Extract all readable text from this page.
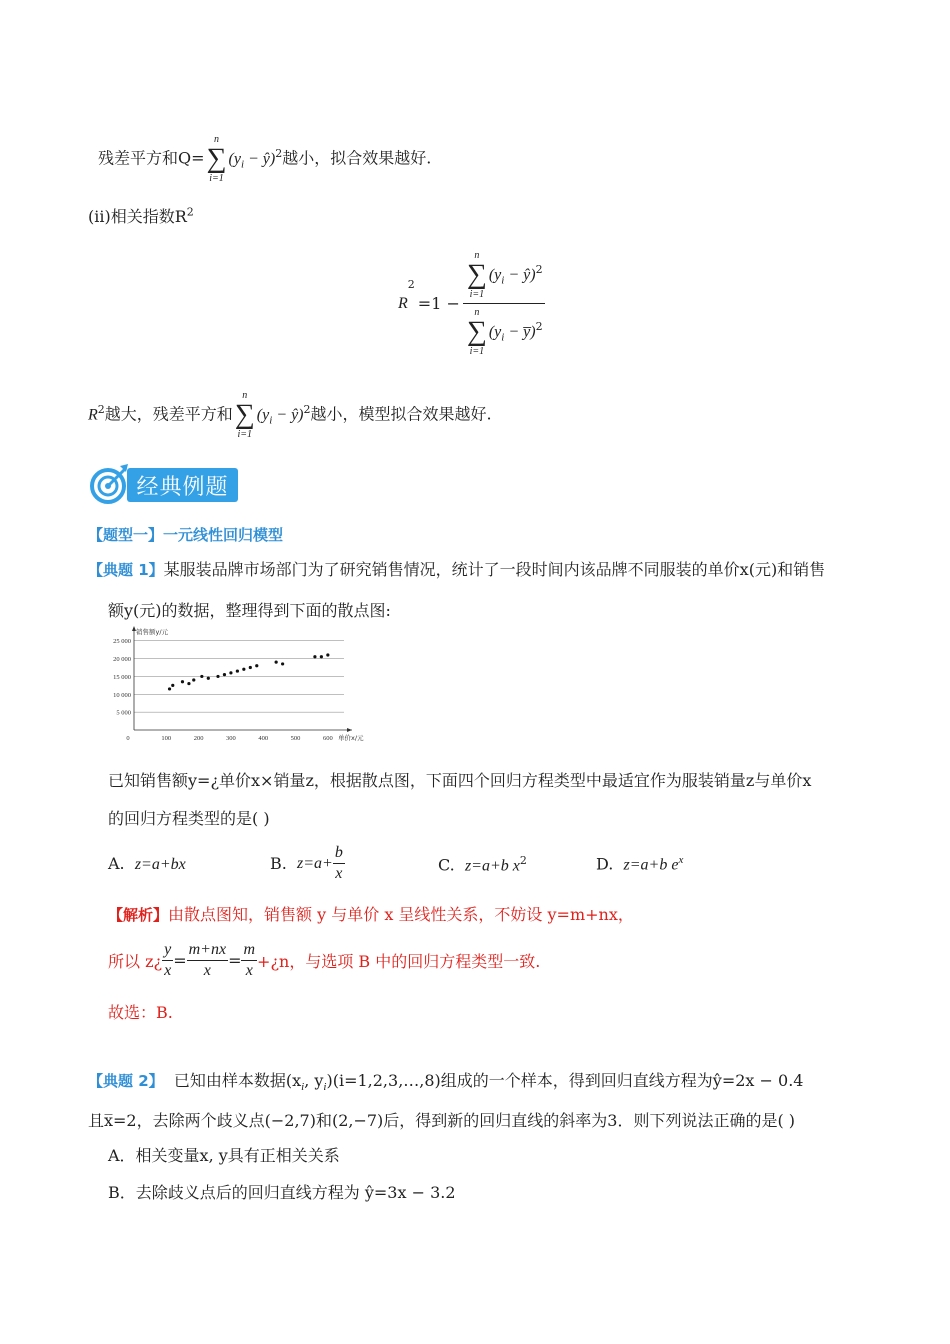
残差平方和Q=
n
∑
i=1
($y_i$ − ŷ)$^2$越小，拟合效果越好.
(ii)相关指数$R^2$
R
2
=1 − n
∑
i=1
($y_i$ − ŷ)$^2$
n
∑
i=1
($y_i$ − y̅)$^2$
$R^2$越大，残差平方和
n
∑
i=1
($y_i$ − ŷ)$^2$越小，模型拟合效果越好.
经典例题
【题型一】一元线性回归模型
【典题 1】某服装品牌市场部门为了研究销售情况，统计了一段时间内该品牌不同服装的单价x(元)和销售
额y(元)的数据，整理得到下面的散点图:
5 000
10 000
15 000
20 000
25 000
0	100	200	300	400	500	600
销售额y/元
单价x/元
已知销售额y=¿单价x×销量z，根据散点图，下面四个回归方程类型中最适宜作为服装销量z与单价x
的回归方程类型的是( )
A. z=a+bx	B.
$z=a+ \frac{b}{x}$	C. z=a+b $x^2$	D. z=a+b $e^x$
【解析】由散点图知，销售额 y 与单价 x 呈线性关系，不妨设 y=m+nx，
所以 z¿ $\frac{y}{x} = \frac{m+nx}{x} = \frac{m}{x}$ +¿n，与选项 B 中的回归方程类型一致.
故选：B.
【典题 2】 已知由样本数据($x_i$, $y_i)(i=1,2,3,\dots,8)$组成的一个样本，得到回归直线方程为ŷ=2x − 0.4
且x̅=2，去除两个歧义点(−2,7)和(2,−7)后，得到新的回归直线的斜率为3．则下列说法正确的是( )
A．相关变量x, y具有正相关关系
B．去除歧义点后的回归直线方程为 ŷ=3x − 3.2
